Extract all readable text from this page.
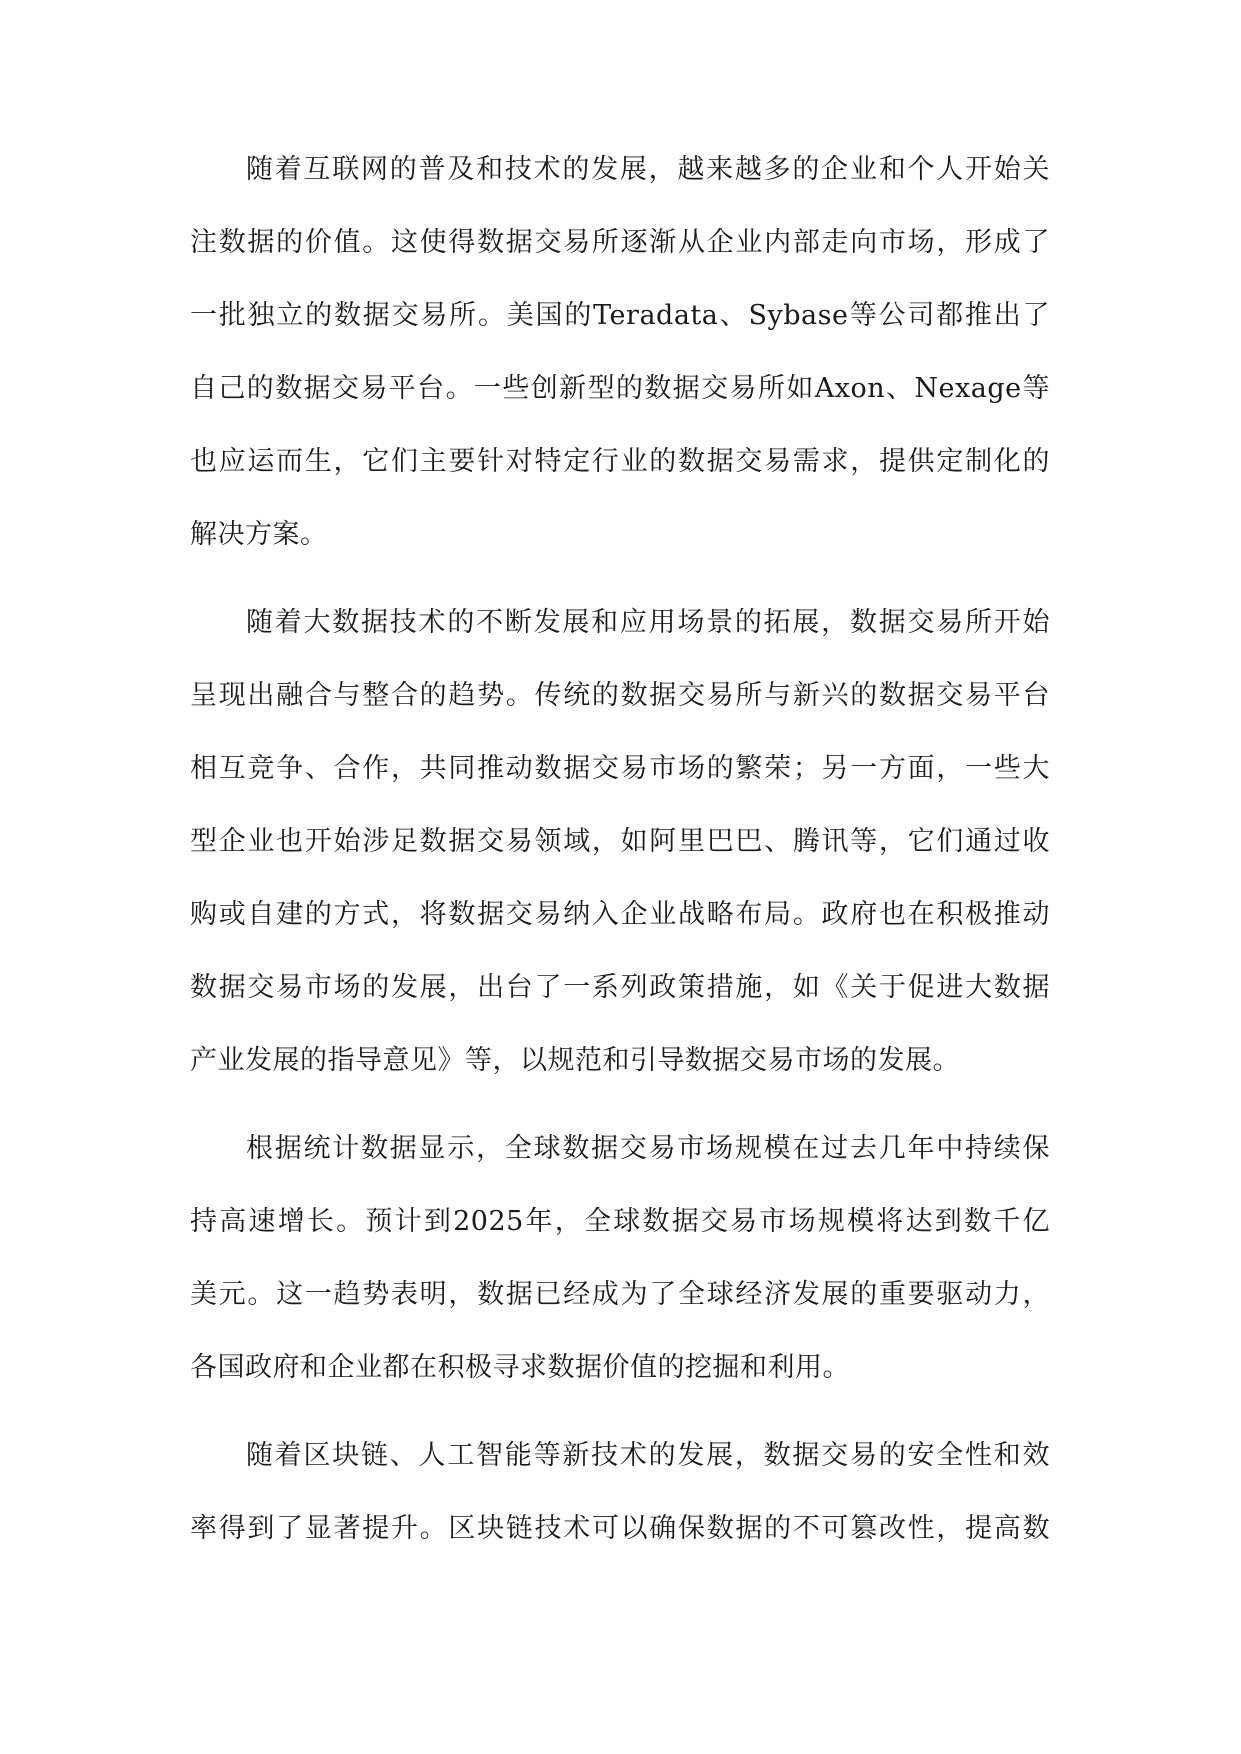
随着互联网的普及和技术的发展，越来越多的企业和个人开始关
注数据的价值。这使得数据交易所逐渐从企业内部走向市场，形成了
一批独立的数据交易所。美国的Teradata、Sybase等公司都推出了
自己的数据交易平台。一些创新型的数据交易所如Axon、Nexage等
也应运而生，它们主要针对特定行业的数据交易需求，提供定制化的
解决方案。
随着大数据技术的不断发展和应用场景的拓展，数据交易所开始
呈现出融合与整合的趋势。传统的数据交易所与新兴的数据交易平台
相互竞争、合作，共同推动数据交易市场的繁荣；另一方面，一些大
型企业也开始涉足数据交易领域，如阿里巴巴、腾讯等，它们通过收
购或自建的方式，将数据交易纳入企业战略布局。政府也在积极推动
数据交易市场的发展，出台了一系列政策措施，如《关于促进大数据
产业发展的指导意见》等，以规范和引导数据交易市场的发展。
根据统计数据显示，全球数据交易市场规模在过去几年中持续保
持高速增长。预计到2025年，全球数据交易市场规模将达到数千亿
美元。这一趋势表明，数据已经成为了全球经济发展的重要驱动力，
各国政府和企业都在积极寻求数据价值的挖掘和利用。
随着区块链、人工智能等新技术的发展，数据交易的安全性和效
率得到了显著提升。区块链技术可以确保数据的不可篡改性，提高数
